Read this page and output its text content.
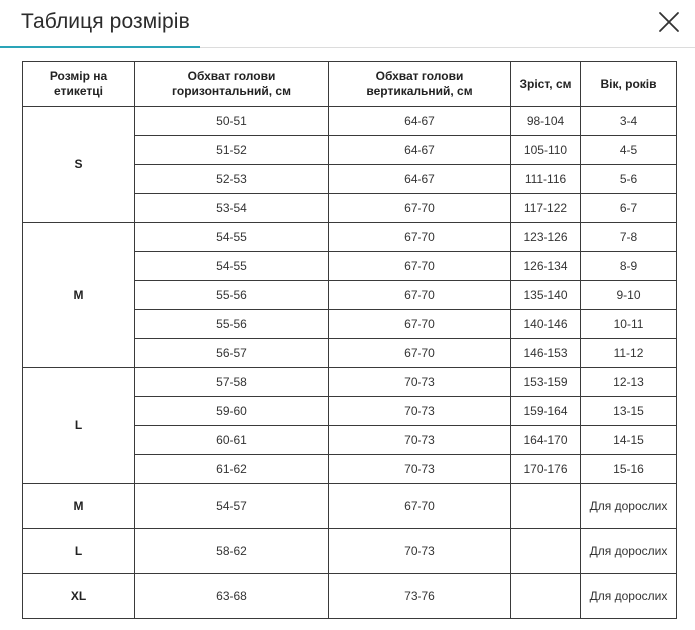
Таблиця розмірів
Розмір на етикетці	Обхват голови горизонтальний, см	Обхват голови вертикальний, см	Зріст, см	Вік, років
S	50-51	64-67	98-104	3-4
	51-52	64-67	105-110	4-5
	52-53	64-67	111-116	5-6
	53-54	67-70	117-122	6-7
M	54-55	67-70	123-126	7-8
	54-55	67-70	126-134	8-9
	55-56	67-70	135-140	9-10
	55-56	67-70	140-146	10-11
	56-57	67-70	146-153	11-12
L	57-58	70-73	153-159	12-13
	59-60	70-73	159-164	13-15
	60-61	70-73	164-170	14-15
	61-62	70-73	170-176	15-16
M	54-57	67-70		Для дорослих
L	58-62	70-73		Для дорослих
XL	63-68	73-76		Для дорослих
